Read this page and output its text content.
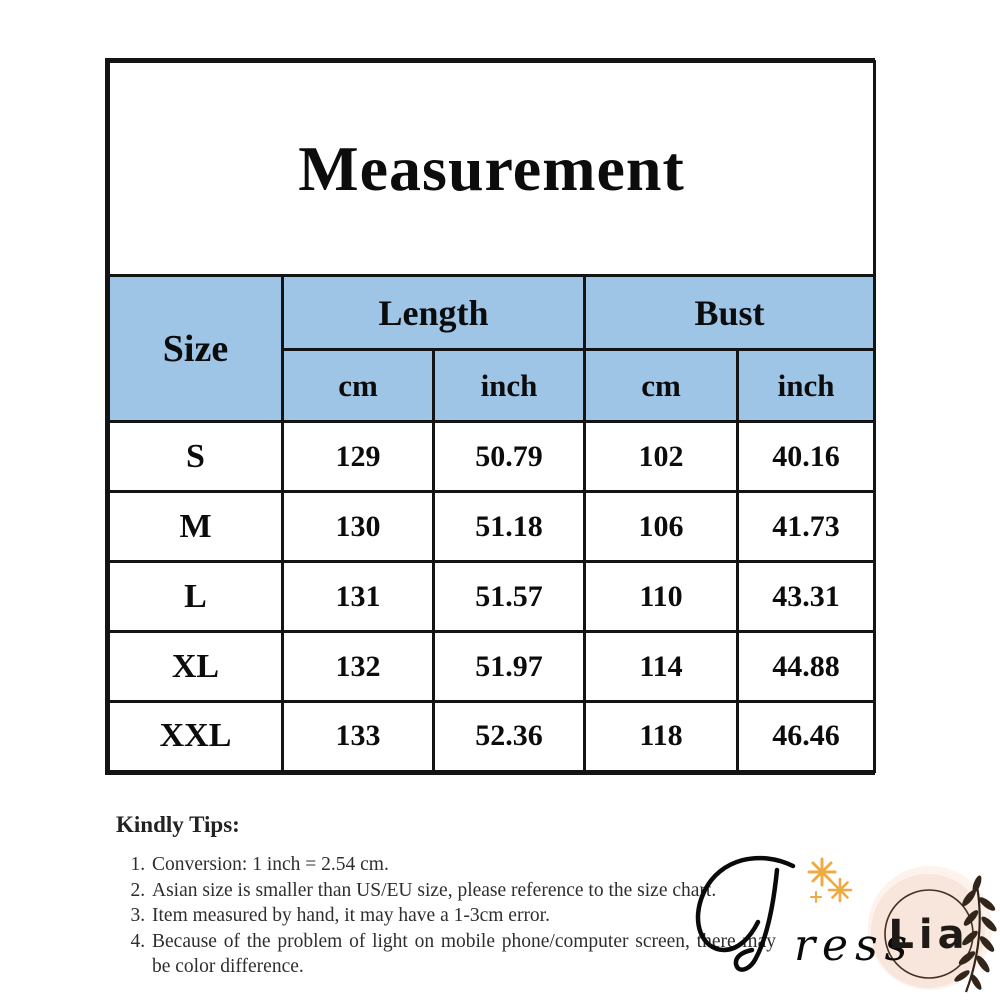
Measurement				
Size	Length		Bust	
	cm	inch	cm	inch
S	129	50.79	102	40.16
M	130	51.18	106	41.73
L	131	51.57	110	43.31
XL	132	51.97	114	44.88
XXL	133	52.36	118	46.46

Kindly Tips:

1. Conversion: 1 inch = 2.54 cm.
2. Asian size is smaller than US/EU size, please reference to the size chart.
3. Item measured by hand, it may have a 1-3cm error.
4. Because of the problem of light on mobile phone/computer screen, there may be color difference.	ress
Lia
